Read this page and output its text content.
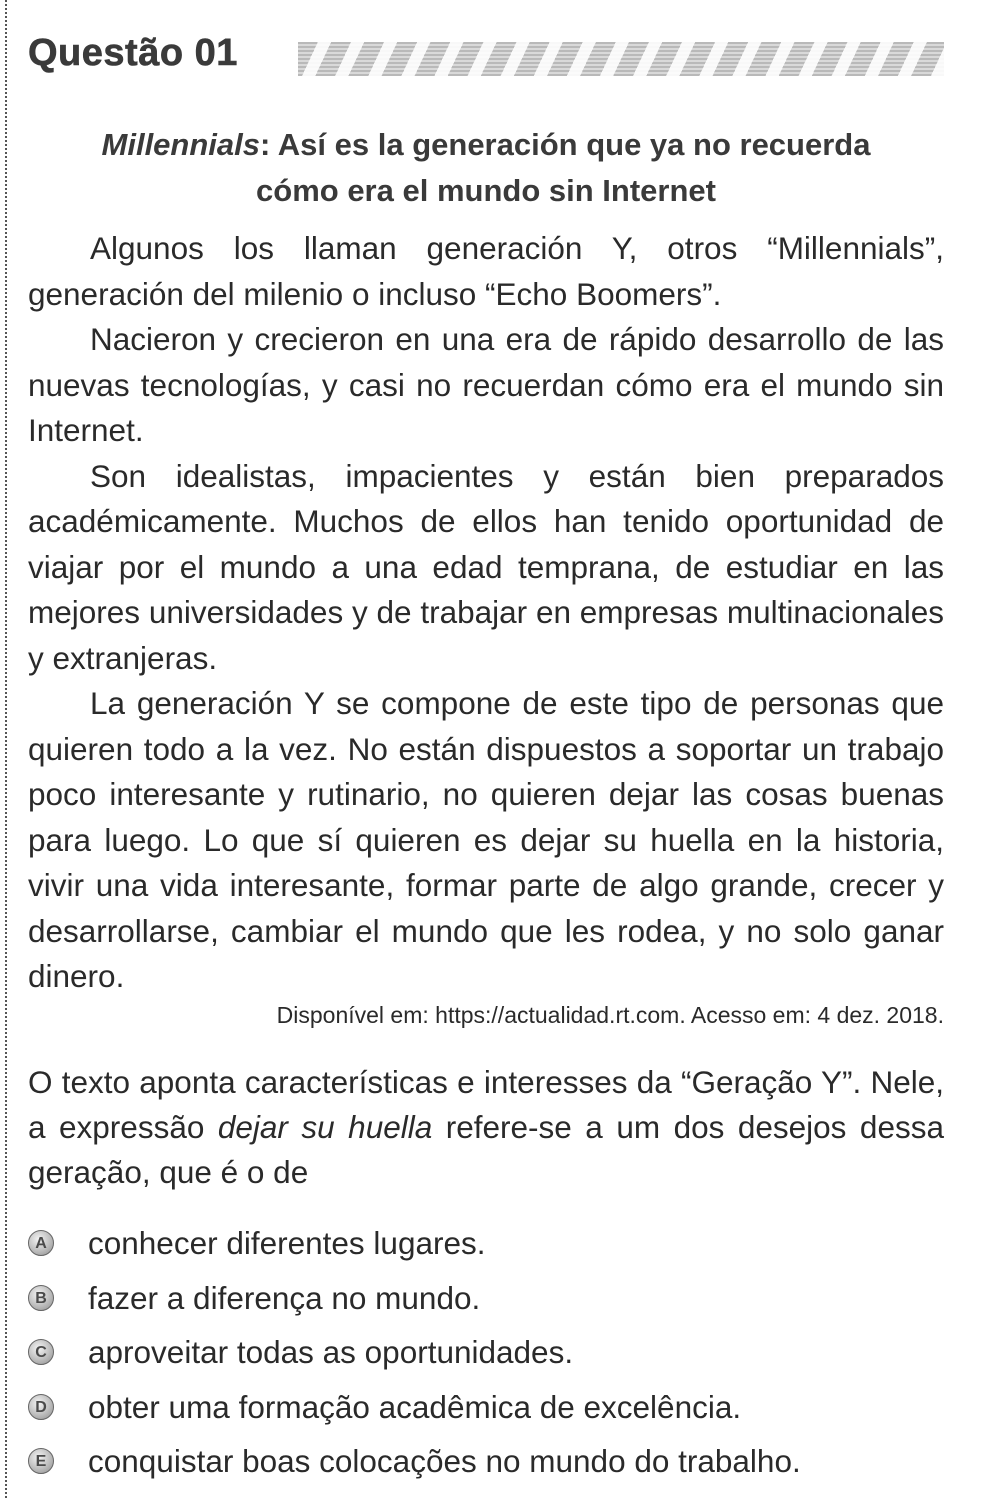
Questão 01
Millennials: Así es la generación que ya no recuerda
cómo era el mundo sin Internet

Algunos los llaman generación Y, otros “Millennials”, generación del milenio o incluso “Echo Boomers”.

Nacieron y crecieron en una era de rápido desarrollo de las nuevas tecnologías, y casi no recuerdan cómo era el mundo sin Internet.

Son idealistas, impacientes y están bien preparados académicamente. Muchos de ellos han tenido oportunidad de viajar por el mundo a una edad temprana, de estudiar en las mejores universidades y de trabajar en empresas multinacionales y extranjeras.

La generación Y se compone de este tipo de personas que quieren todo a la vez. No están dispuestos a soportar un trabajo poco interesante y rutinario, no quieren dejar las cosas buenas para luego. Lo que sí quieren es dejar su huella en la historia, vivir una vida interesante, formar parte de algo grande, crecer y desarrollarse, cambiar el mundo que les rodea, y no solo ganar dinero.

Disponível em: https://actualidad.rt.com. Acesso em: 4 dez. 2018.
O texto aponta características e interesses da “Geração Y”. Nele, a expressão dejar su huella refere-se a um dos desejos dessa geração, que é o de
A conhecer diferentes lugares.
B fazer a diferença no mundo.
C aproveitar todas as oportunidades.
D obter uma formação acadêmica de excelência.
E conquistar boas colocações no mundo do trabalho.
